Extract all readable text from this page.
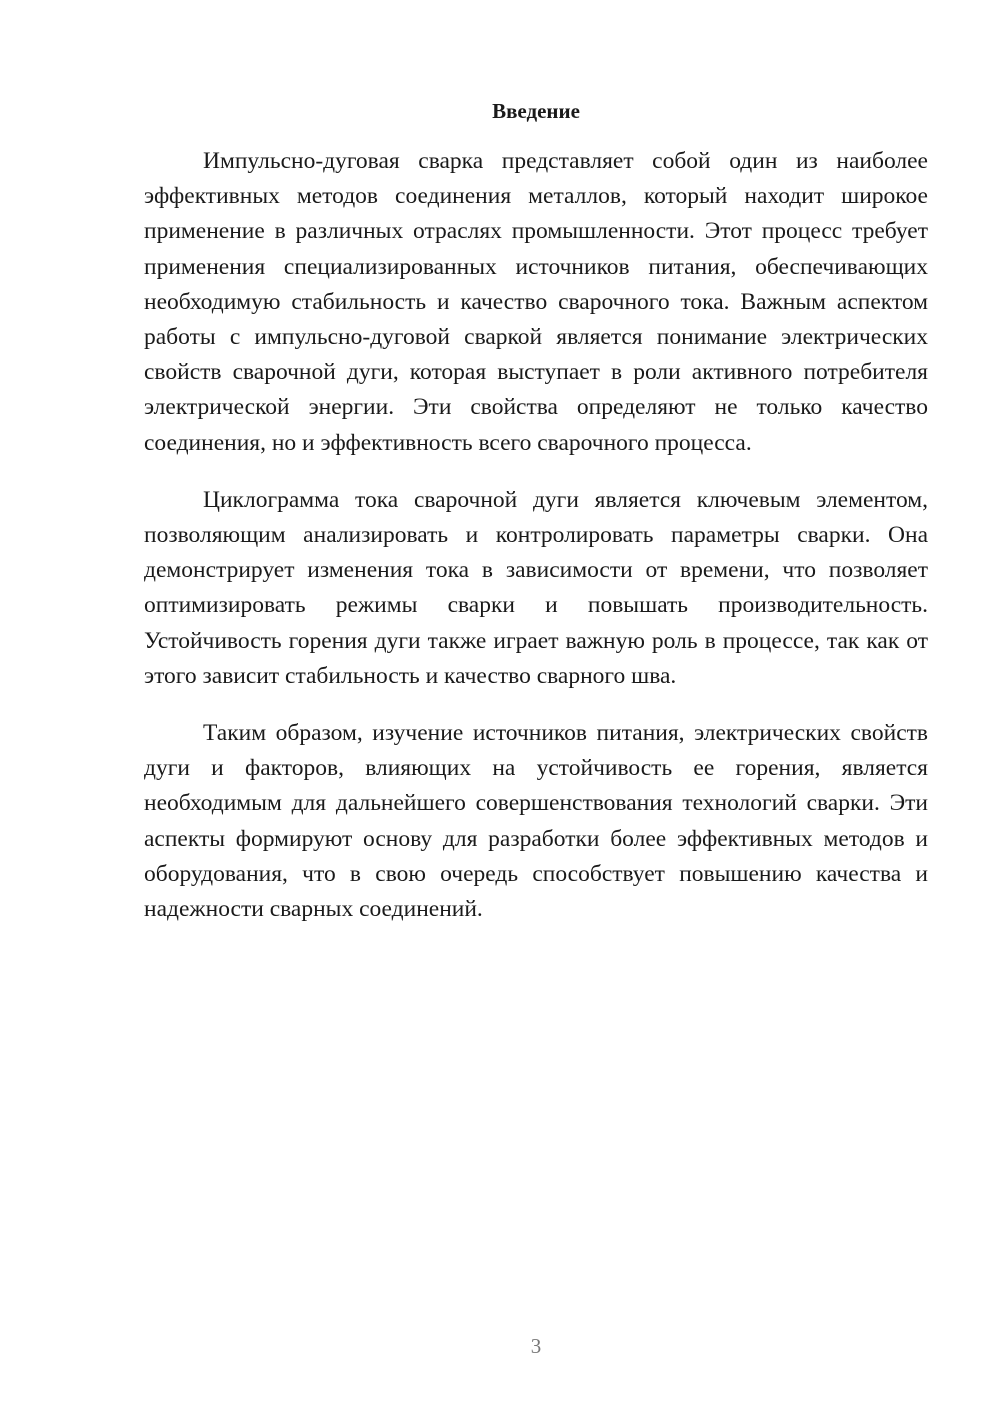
Введение

Импульсно-дуговая сварка представляет собой один из наиболее эффективных методов соединения металлов, который находит широкое применение в различных отраслях промышленности. Этот процесс требует применения специализированных источников питания, обеспечивающих необходимую стабильность и качество сварочного тока. Важным аспектом работы с импульсно-дуговой сваркой является понимание электрических свойств сварочной дуги, которая выступает в роли активного потребителя электрической энергии. Эти свойства определяют не только качество соединения, но и эффективность всего сварочного процесса.

Циклограмма тока сварочной дуги является ключевым элементом, позволяющим анализировать и контролировать параметры сварки. Она демонстрирует изменения тока в зависимости от времени, что позволяет оптимизировать режимы сварки и повышать производительность. Устойчивость горения дуги также играет важную роль в процессе, так как от этого зависит стабильность и качество сварного шва.

Таким образом, изучение источников питания, электрических свойств дуги и факторов, влияющих на устойчивость ее горения, является необходимым для дальнейшего совершенствования технологий сварки. Эти аспекты формируют основу для разработки более эффективных методов и оборудования, что в свою очередь способствует повышению качества и надежности сварных соединений.

3
